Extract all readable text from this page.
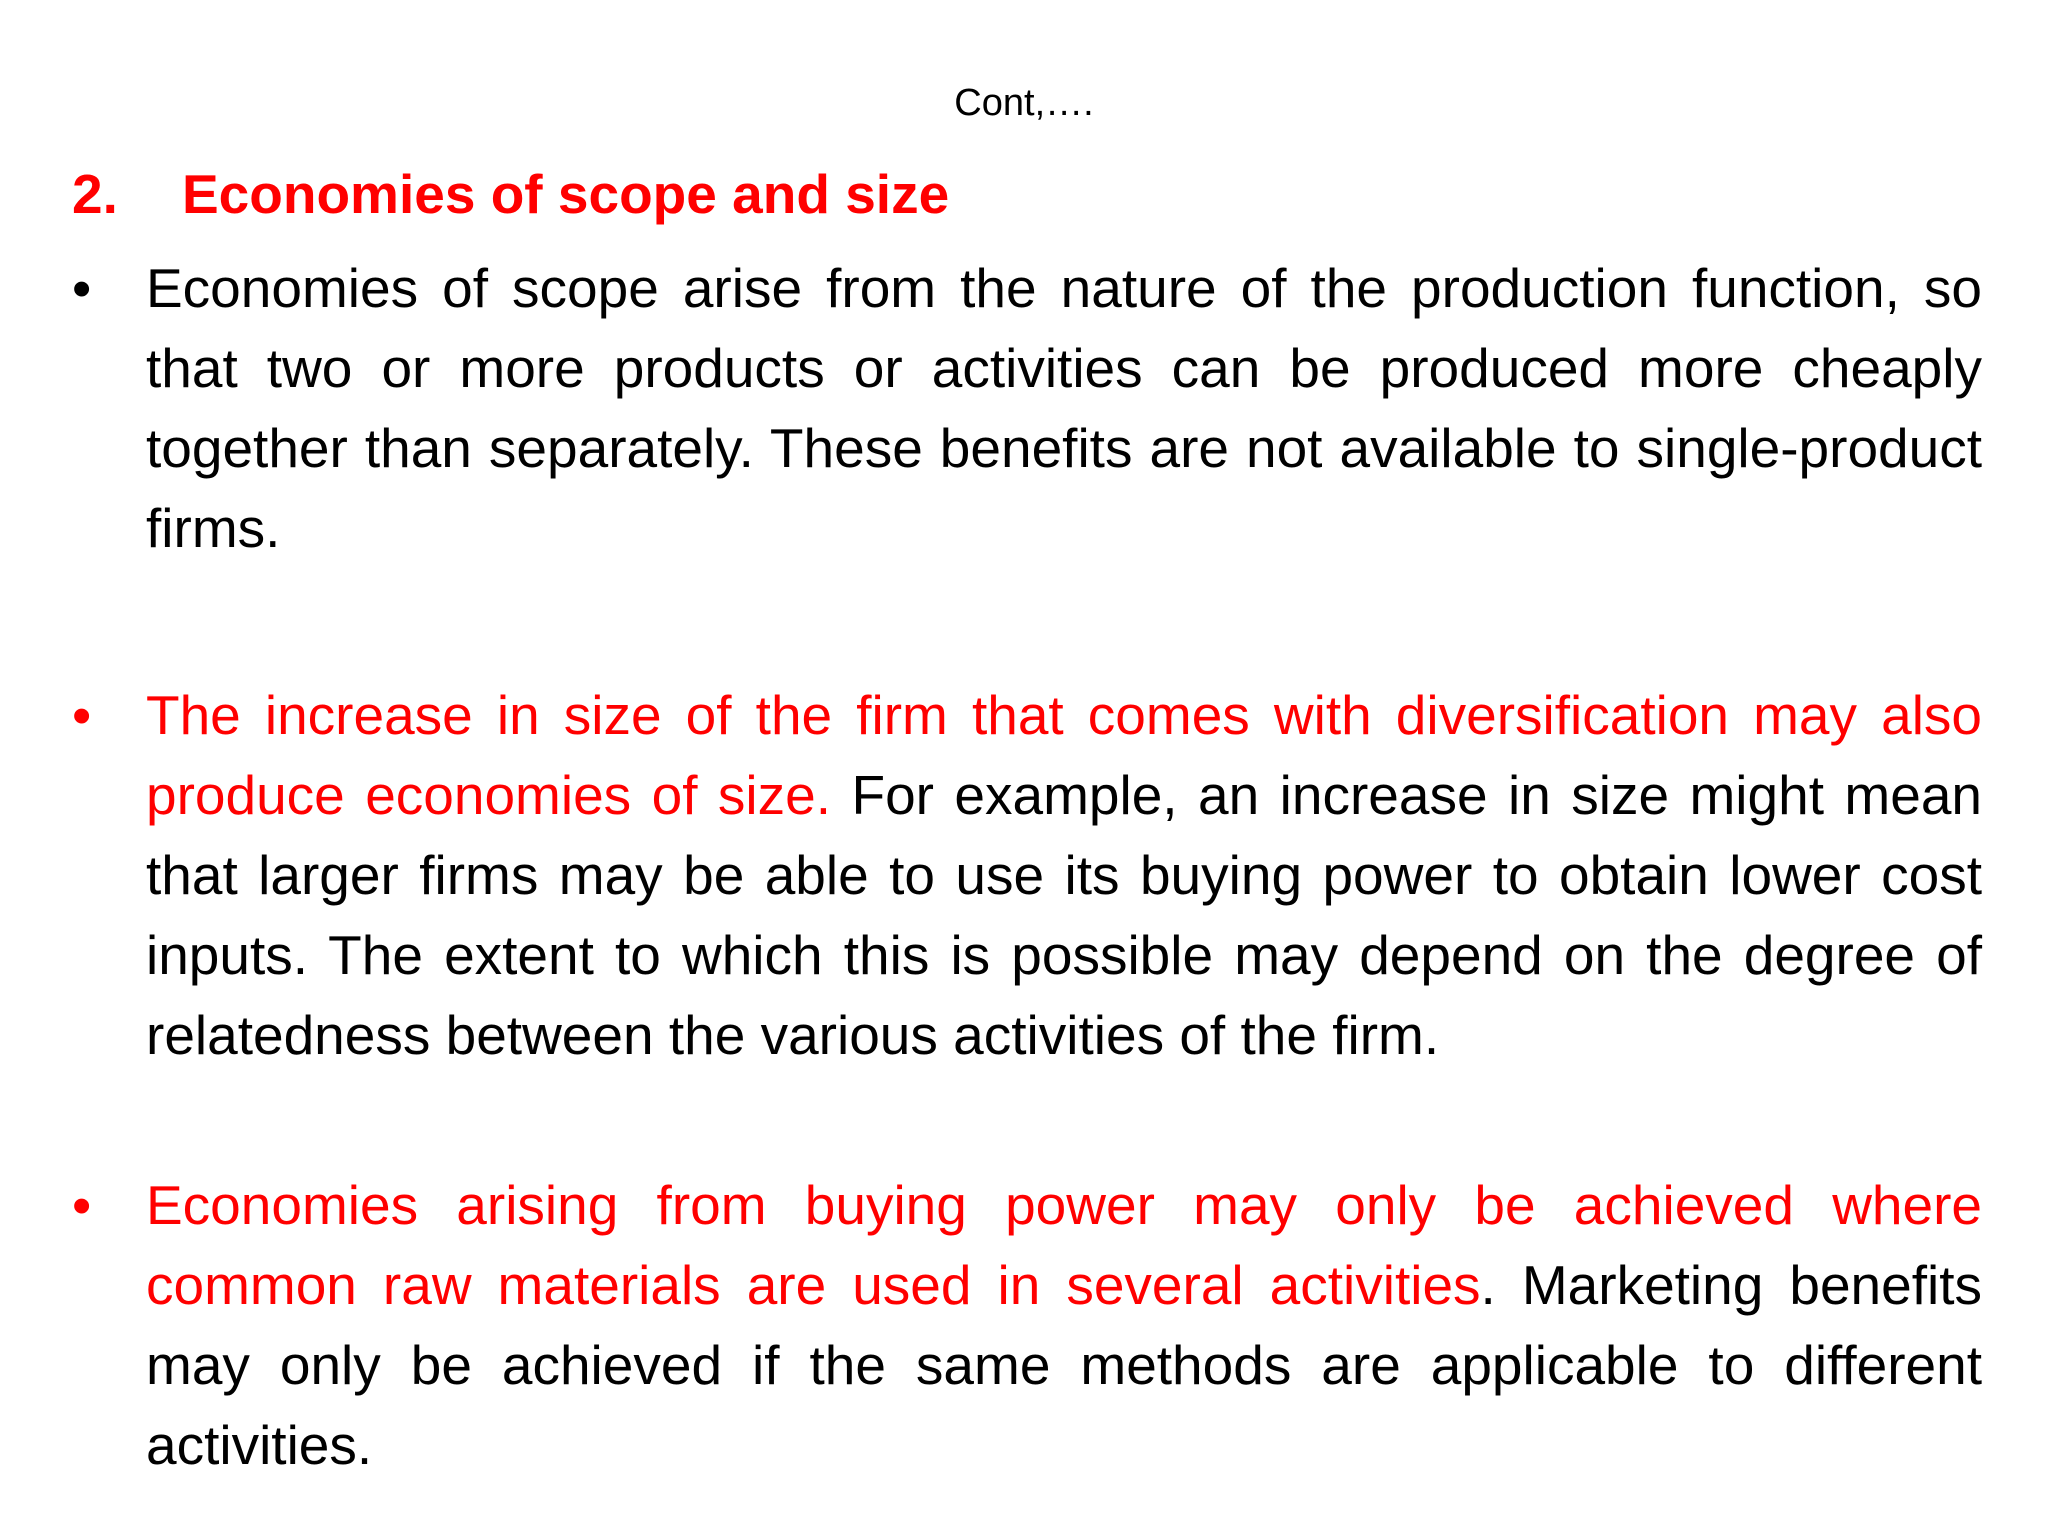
Cont,….
2. Economies of scope and size
• Economies of scope arise from the nature of the production function, so that two or more products or activities can be produced more cheaply together than separately. These benefits are not available to single-product firms.
• The increase in size of the firm that comes with diversification may also produce economies of size. For example, an increase in size might mean that larger firms may be able to use its buying power to obtain lower cost inputs. The extent to which this is possible may depend on the degree of relatedness between the various activities of the firm.
• Economies arising from buying power may only be achieved where common raw materials are used in several activities. Marketing benefits may only be achieved if the same methods are applicable to different activities.
